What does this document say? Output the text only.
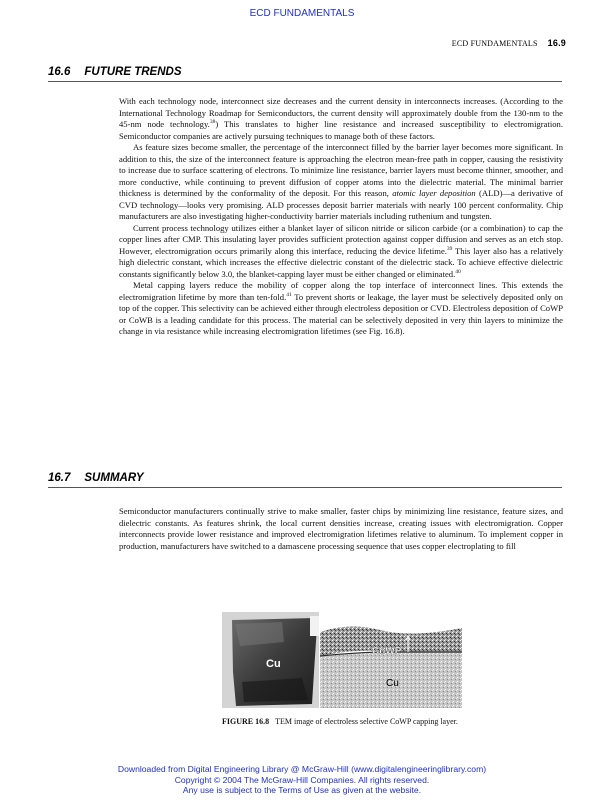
ECD FUNDAMENTALS
ECD FUNDAMENTALS 16.9
16.6 FUTURE TRENDS

With each technology node, interconnect size decreases and the current density in interconnects increases. (According to the International Technology Roadmap for Semiconductors, the current density will approximately double from the 130-nm to the 45-nm node technology.$^{38}$) This translates to higher line resistance and increased susceptibility to electromigration. Semiconductor companies are actively pursuing techniques to manage both of these factors.

As feature sizes become smaller, the percentage of the interconnect filled by the barrier layer becomes more significant. In addition to this, the size of the interconnect feature is approaching the electron mean-free path in copper, causing the resistivity to increase due to surface scattering of electrons. To minimize line resistance, barrier layers must become thinner, smoother, and more conductive, while continuing to prevent diffusion of copper atoms into the dielectric material. The minimal barrier thickness is determined by the conformality of the deposit. For this reason, atomic layer deposition (ALD)—a derivative of CVD technology—looks very promising. ALD processes deposit barrier materials with nearly 100 percent conformality. Chip manufacturers are also investigating higher-conductivity barrier materials including ruthenium and tungsten.

Current process technology utilizes either a blanket layer of silicon nitride or silicon carbide (or a combination) to cap the copper lines after CMP. This insulating layer provides sufficient protection against copper diffusion and serves as an etch stop. However, electromigration occurs primarily along this interface, reducing the device lifetime.$^{39}$ This layer also has a relatively high dielectric constant, which increases the effective dielectric constant of the dielectric stack. To achieve effective dielectric constants significantly below 3.0, the blanket-capping layer must be either changed or eliminated.$^{40}$

Metal capping layers reduce the mobility of copper along the top interface of interconnect lines. This extends the electromigration lifetime by more than ten-fold.$^{41}$ To prevent shorts or leakage, the layer must be selectively deposited only on top of the copper. This selectivity can be achieved either through electroless deposition or CVD. Electroless deposition of CoWP or CoWB is a leading candidate for this process. The material can be selectively deposited in very thin layers to minimize the change in via resistance while increasing electromigration lifetimes (see Fig. 16.8).

16.7 SUMMARY

Semiconductor manufacturers continually strive to make smaller, faster chips by minimizing line resistance, feature sizes, and dielectric constants. As features shrink, the local current densities increase, creating issues with electromigration. Copper interconnects provide lower resistance and improved electromigration lifetimes relative to aluminum. To implement copper in production, manufacturers have switched to a damascene processing sequence that uses copper electroplating to fill

Cu
CoWP
Cu
FIGURE 16.8 TEM image of electroless selective CoWP capping layer.
Downloaded from Digital Engineering Library @ McGraw-Hill (www.digitalengineeringlibrary.com)
Copyright © 2004 The McGraw-Hill Companies. All rights reserved.
Any use is subject to the Terms of Use as given at the website.
